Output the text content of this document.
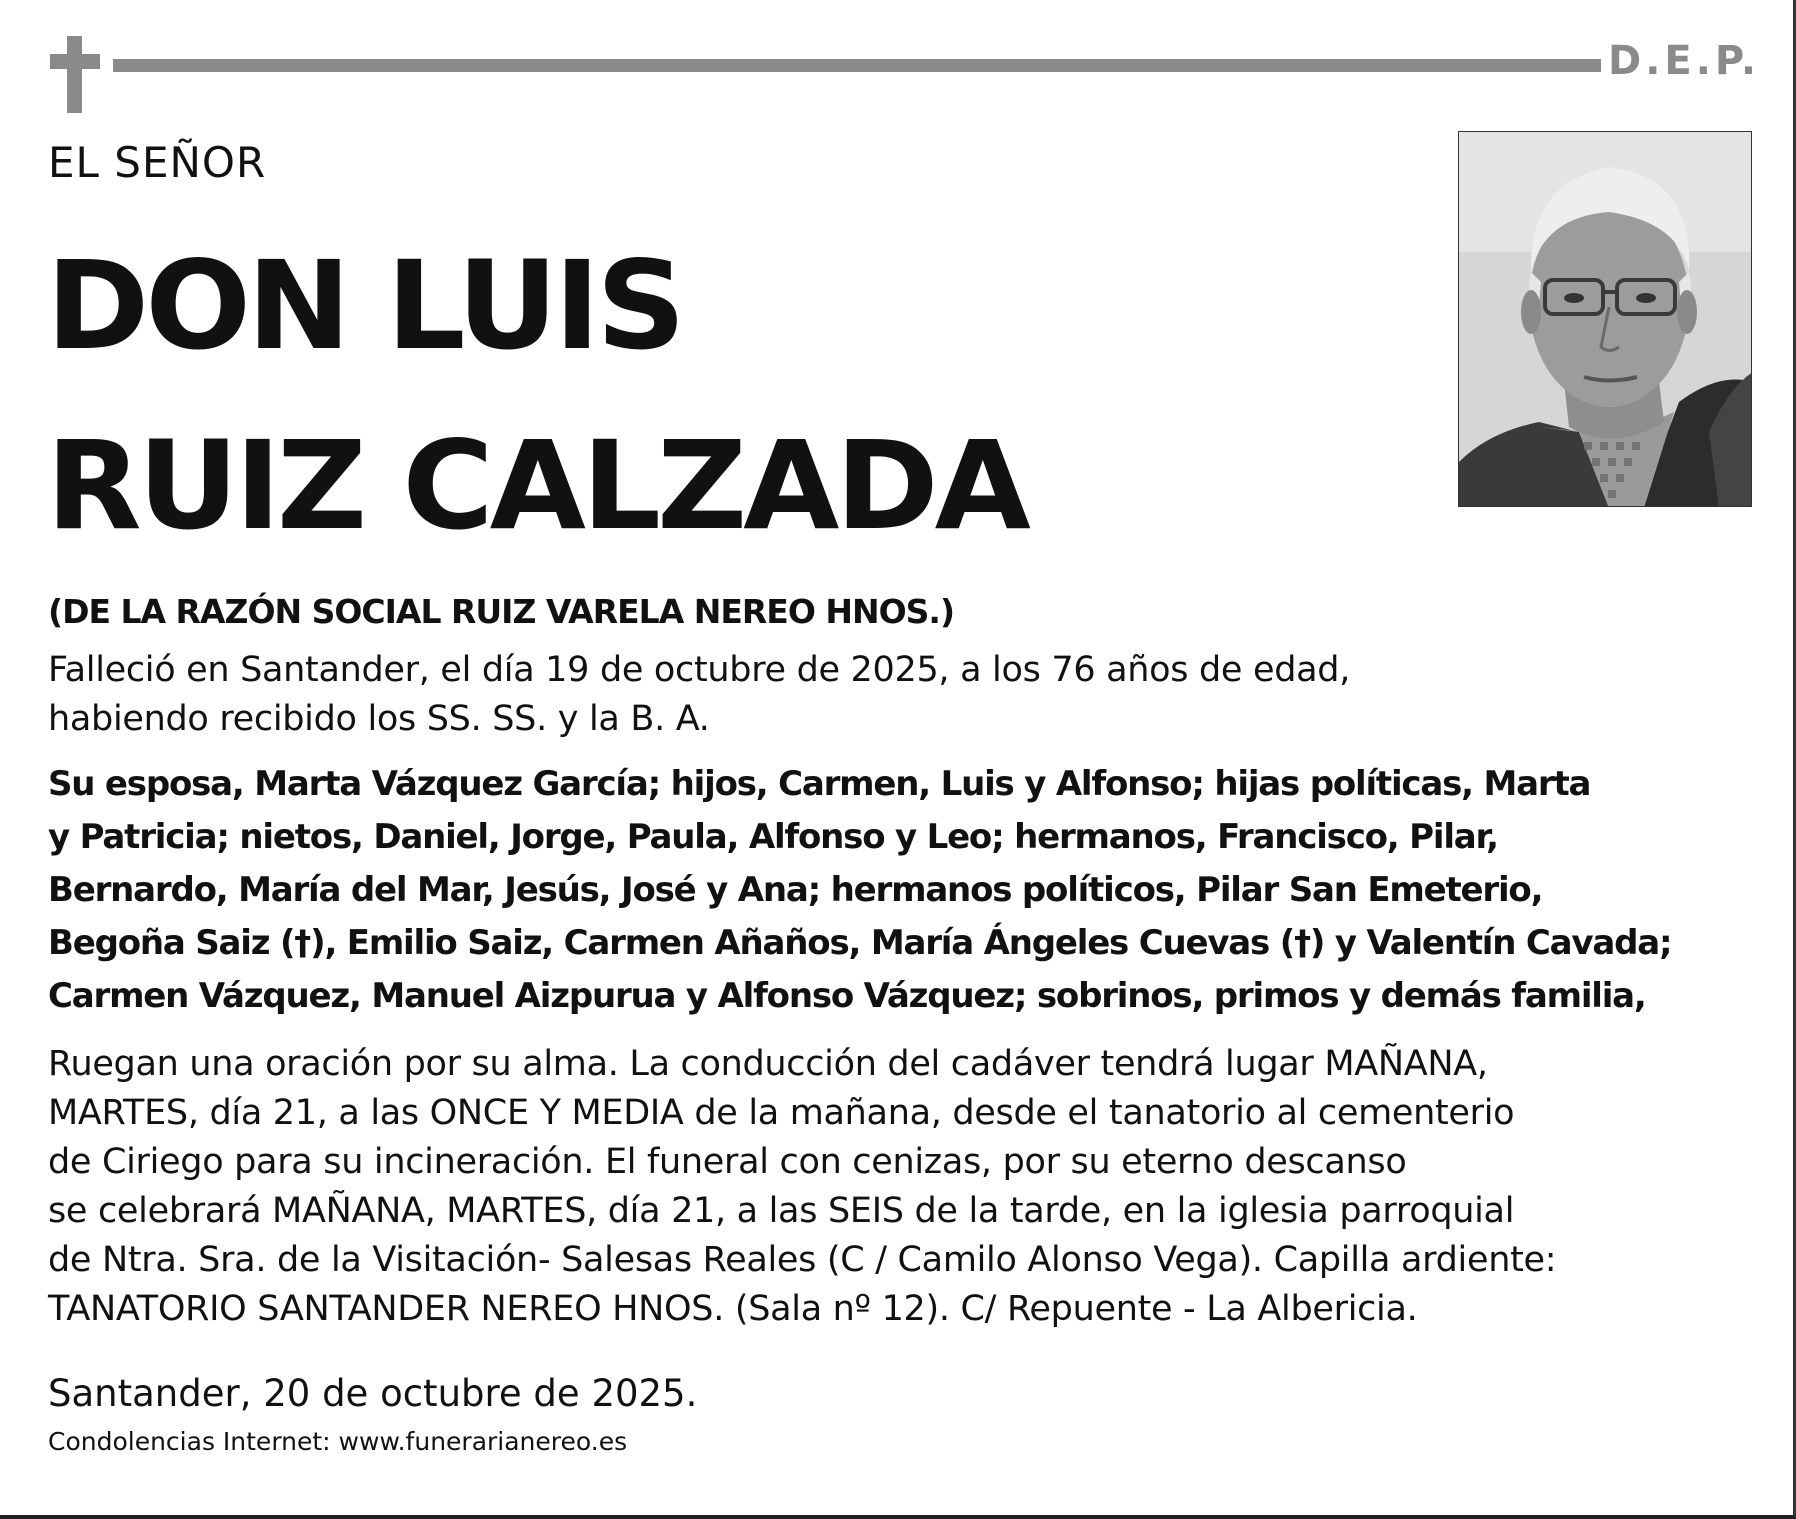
D.E.P.
EL SEÑOR
DON LUIS
RUIZ CALZADA
(DE LA RAZÓN SOCIAL RUIZ VARELA NEREO HNOS.)
Falleció en Santander, el día 19 de octubre de 2025, a los 76 años de edad,
habiendo recibido los SS. SS. y la B. A.
Su esposa, Marta Vázquez García; hijos, Carmen, Luis y Alfonso; hijas políticas, Marta
y Patricia; nietos, Daniel, Jorge, Paula, Alfonso y Leo; hermanos, Francisco, Pilar,
Bernardo, María del Mar, Jesús, José y Ana; hermanos políticos, Pilar San Emeterio,
Begoña Saiz (†), Emilio Saiz, Carmen Añaños, María Ángeles Cuevas (†) y Valentín Cavada;
Carmen Vázquez, Manuel Aizpurua y Alfonso Vázquez; sobrinos, primos y demás familia,
Ruegan una oración por su alma. La conducción del cadáver tendrá lugar MAÑANA,
MARTES, día 21, a las ONCE Y MEDIA de la mañana, desde el tanatorio al cementerio
de Ciriego para su incineración. El funeral con cenizas, por su eterno descanso
se celebrará MAÑANA, MARTES, día 21, a las SEIS de la tarde, en la iglesia parroquial
de Ntra. Sra. de la Visitación- Salesas Reales (C / Camilo Alonso Vega). Capilla ardiente:
TANATORIO SANTANDER NEREO HNOS. (Sala nº 12). C/ Repuente - La Albericia.
Santander, 20 de octubre de 2025.
Condolencias Internet: www.funerarianereo.es
